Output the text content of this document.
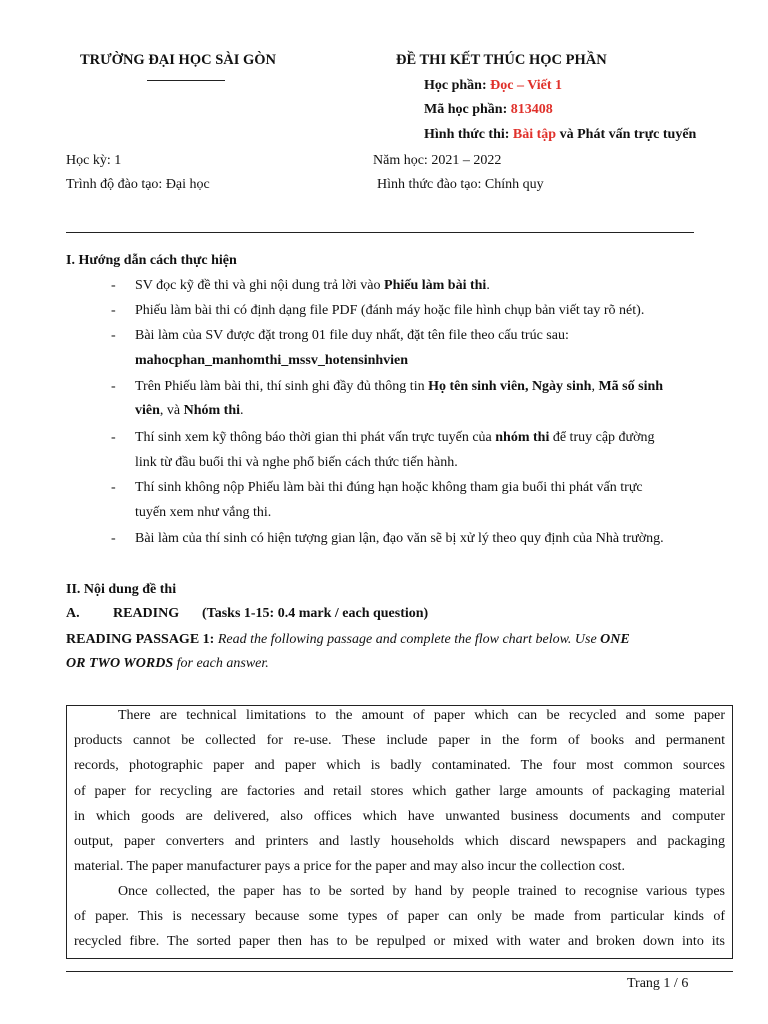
TRƯỜNG ĐẠI HỌC SÀI GÒN	ĐỀ THI KẾT THÚC HỌC PHẦN
Học phần: Đọc – Viết 1
Mã học phần: 813408
Hình thức thi: Bài tập và Phát vấn trực tuyến
Học kỳ: 1	Năm học: 2021 – 2022
Trình độ đào tạo: Đại học	Hình thức đào tạo: Chính quy
I. Hướng dẫn cách thực hiện
- SV đọc kỹ đề thi và ghi nội dung trả lời vào Phiếu làm bài thi.
- Phiếu làm bài thi có định dạng file PDF (đánh máy hoặc file hình chụp bản viết tay rõ nét).
- Bài làm của SV được đặt trong 01 file duy nhất, đặt tên file theo cấu trúc sau:
mahocphan_manhomthi_mssv_hotensinhvien
- Trên Phiếu làm bài thi, thí sinh ghi đầy đủ thông tin Họ tên sinh viên, Ngày sinh, Mã số sinh
viên, và Nhóm thi.
- Thí sinh xem kỹ thông báo thời gian thi phát vấn trực tuyến của nhóm thi để truy cập đường
link từ đầu buổi thi và nghe phổ biến cách thức tiến hành.
- Thí sinh không nộp Phiếu làm bài thi đúng hạn hoặc không tham gia buổi thi phát vấn trực
tuyến xem như vắng thi.
- Bài làm của thí sinh có hiện tượng gian lận, đạo văn sẽ bị xử lý theo quy định của Nhà trường.
II. Nội dung đề thi
A. READING (Tasks 1-15: 0.4 mark / each question)
READING PASSAGE 1: Read the following passage and complete the flow chart below. Use ONE
OR TWO WORDS for each answer.
There are technical limitations to the amount of paper which can be recycled and some paper
products cannot be collected for re-use. These include paper in the form of books and permanent
records, photographic paper and paper which is badly contaminated. The four most common sources
of paper for recycling are factories and retail stores which gather large amounts of packaging material
in which goods are delivered, also offices which have unwanted business documents and computer
output, paper converters and printers and lastly households which discard newspapers and packaging
material. The paper manufacturer pays a price for the paper and may also incur the collection cost.
Once collected, the paper has to be sorted by hand by people trained to recognise various types
of paper. This is necessary because some types of paper can only be made from particular kinds of
recycled fibre. The sorted paper then has to be repulped or mixed with water and broken down into its
Trang 1 / 6
